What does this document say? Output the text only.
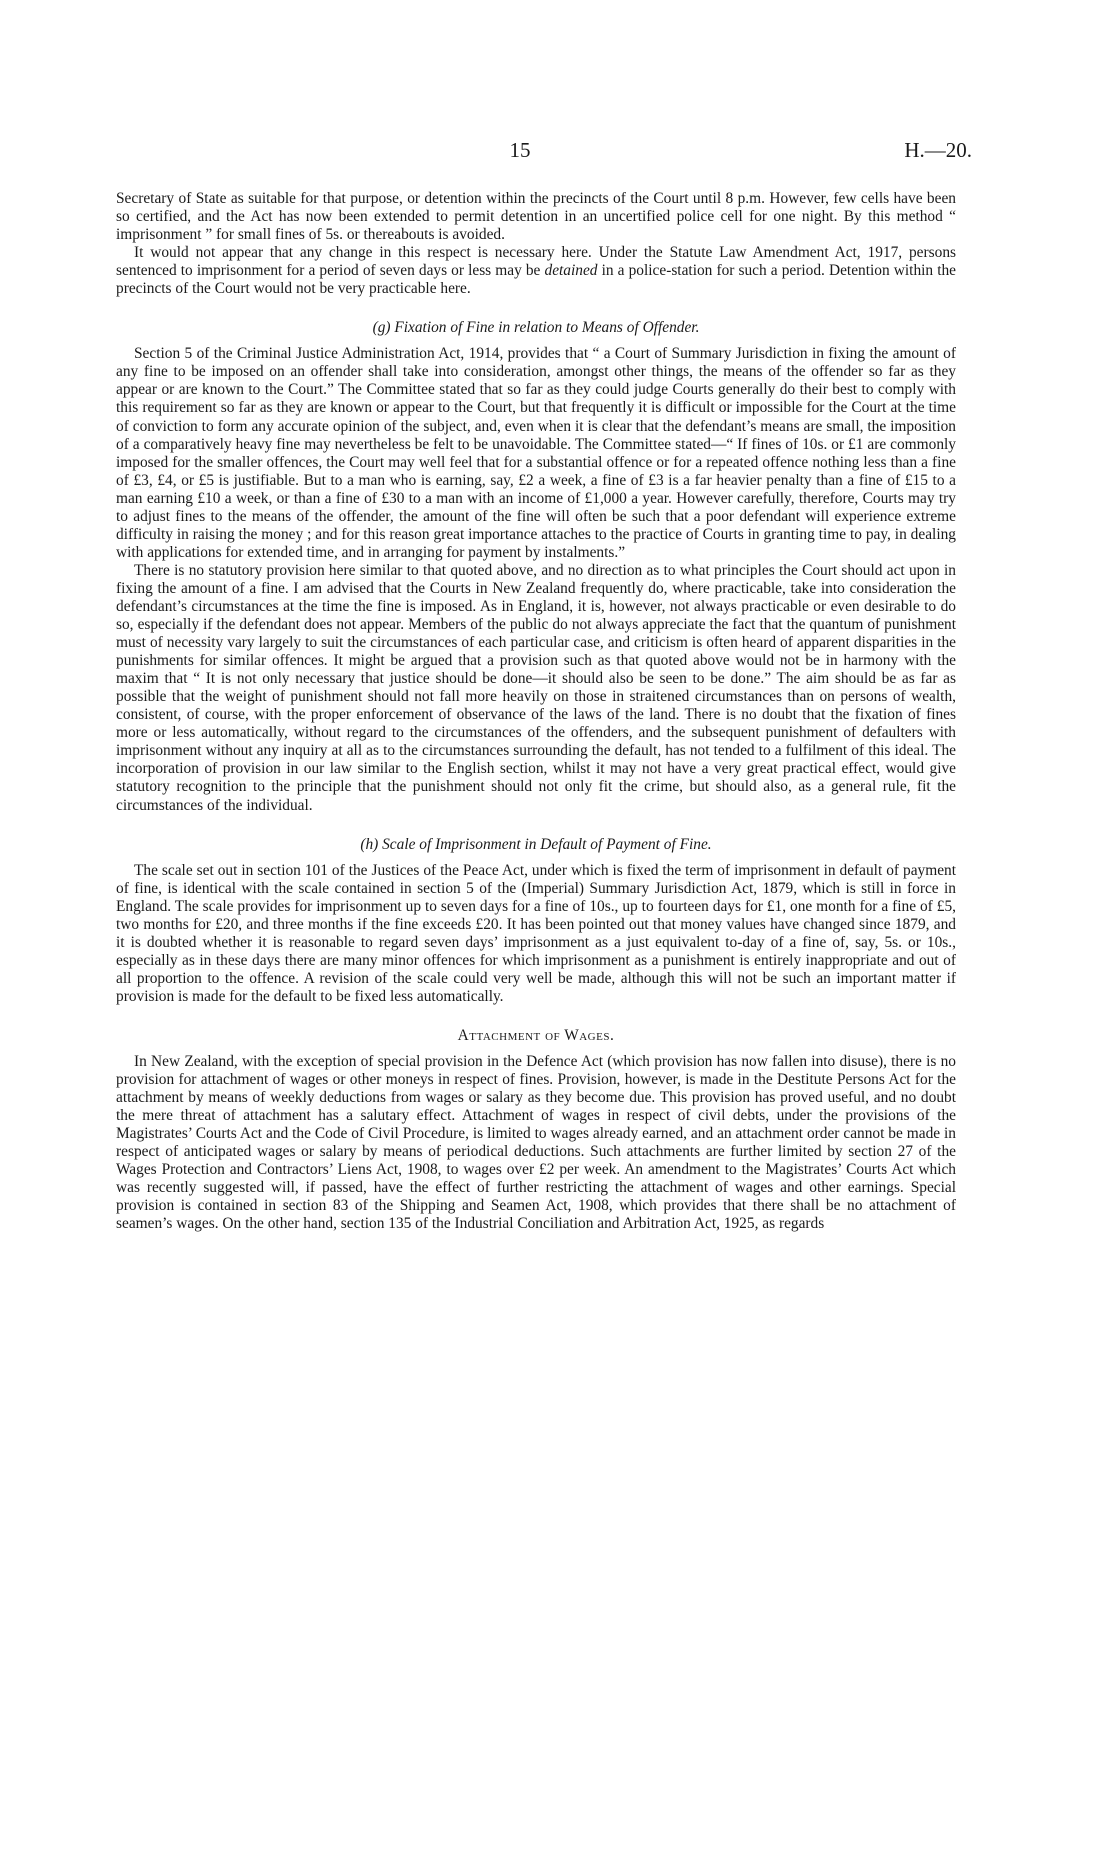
15	H.—20.

Secretary of State as suitable for that purpose, or detention within the precincts of the Court until 8 p.m. However, few cells have been so certified, and the Act has now been extended to permit detention in an uncertified police cell for one night. By this method “ imprisonment ” for small fines of 5s. or thereabouts is avoided.

It would not appear that any change in this respect is necessary here. Under the Statute Law Amendment Act, 1917, persons sentenced to imprisonment for a period of seven days or less may be detained in a police-station for such a period. Detention within the precincts of the Court would not be very practicable here.

(g) Fixation of Fine in relation to Means of Offender.

Section 5 of the Criminal Justice Administration Act, 1914, provides that “ a Court of Summary Jurisdiction in fixing the amount of any fine to be imposed on an offender shall take into consideration, amongst other things, the means of the offender so far as they appear or are known to the Court.” The Committee stated that so far as they could judge Courts generally do their best to comply with this requirement so far as they are known or appear to the Court, but that frequently it is difficult or impossible for the Court at the time of conviction to form any accurate opinion of the subject, and, even when it is clear that the defendant’s means are small, the imposition of a comparatively heavy fine may nevertheless be felt to be unavoidable. The Committee stated—“ If fines of 10s. or £1 are commonly imposed for the smaller offences, the Court may well feel that for a substantial offence or for a repeated offence nothing less than a fine of £3, £4, or £5 is justifiable. But to a man who is earning, say, £2 a week, a fine of £3 is a far heavier penalty than a fine of £15 to a man earning £10 a week, or than a fine of £30 to a man with an income of £1,000 a year. However carefully, therefore, Courts may try to adjust fines to the means of the offender, the amount of the fine will often be such that a poor defendant will experience extreme difficulty in raising the money ; and for this reason great importance attaches to the practice of Courts in granting time to pay, in dealing with applications for extended time, and in arranging for payment by instalments.”

There is no statutory provision here similar to that quoted above, and no direction as to what principles the Court should act upon in fixing the amount of a fine. I am advised that the Courts in New Zealand frequently do, where practicable, take into consideration the defendant’s circumstances at the time the fine is imposed. As in England, it is, however, not always practicable or even desirable to do so, especially if the defendant does not appear. Members of the public do not always appreciate the fact that the quantum of punishment must of necessity vary largely to suit the circumstances of each particular case, and criticism is often heard of apparent disparities in the punishments for similar offences. It might be argued that a provision such as that quoted above would not be in harmony with the maxim that “ It is not only necessary that justice should be done—it should also be seen to be done.” The aim should be as far as possible that the weight of punishment should not fall more heavily on those in straitened circumstances than on persons of wealth, consistent, of course, with the proper enforcement of observance of the laws of the land. There is no doubt that the fixation of fines more or less automatically, without regard to the circumstances of the offenders, and the subsequent punishment of defaulters with imprisonment without any inquiry at all as to the circumstances surrounding the default, has not tended to a fulfilment of this ideal. The incorporation of provision in our law similar to the English section, whilst it may not have a very great practical effect, would give statutory recognition to the principle that the punishment should not only fit the crime, but should also, as a general rule, fit the circumstances of the individual.

(h) Scale of Imprisonment in Default of Payment of Fine.

The scale set out in section 101 of the Justices of the Peace Act, under which is fixed the term of imprisonment in default of payment of fine, is identical with the scale contained in section 5 of the (Imperial) Summary Jurisdiction Act, 1879, which is still in force in England. The scale provides for imprisonment up to seven days for a fine of 10s., up to fourteen days for £1, one month for a fine of £5, two months for £20, and three months if the fine exceeds £20. It has been pointed out that money values have changed since 1879, and it is doubted whether it is reasonable to regard seven days’ imprisonment as a just equivalent to-day of a fine of, say, 5s. or 10s., especially as in these days there are many minor offences for which imprisonment as a punishment is entirely inappropriate and out of all proportion to the offence. A revision of the scale could very well be made, although this will not be such an important matter if provision is made for the default to be fixed less automatically.

Attachment of Wages.

In New Zealand, with the exception of special provision in the Defence Act (which provision has now fallen into disuse), there is no provision for attachment of wages or other moneys in respect of fines. Provision, however, is made in the Destitute Persons Act for the attachment by means of weekly deductions from wages or salary as they become due. This provision has proved useful, and no doubt the mere threat of attachment has a salutary effect. Attachment of wages in respect of civil debts, under the provisions of the Magistrates’ Courts Act and the Code of Civil Procedure, is limited to wages already earned, and an attachment order cannot be made in respect of anticipated wages or salary by means of periodical deductions. Such attachments are further limited by section 27 of the Wages Protection and Contractors’ Liens Act, 1908, to wages over £2 per week. An amendment to the Magistrates’ Courts Act which was recently suggested will, if passed, have the effect of further restricting the attachment of wages and other earnings. Special provision is contained in section 83 of the Shipping and Seamen Act, 1908, which provides that there shall be no attachment of seamen’s wages. On the other hand, section 135 of the Industrial Conciliation and Arbitration Act, 1925, as regards
